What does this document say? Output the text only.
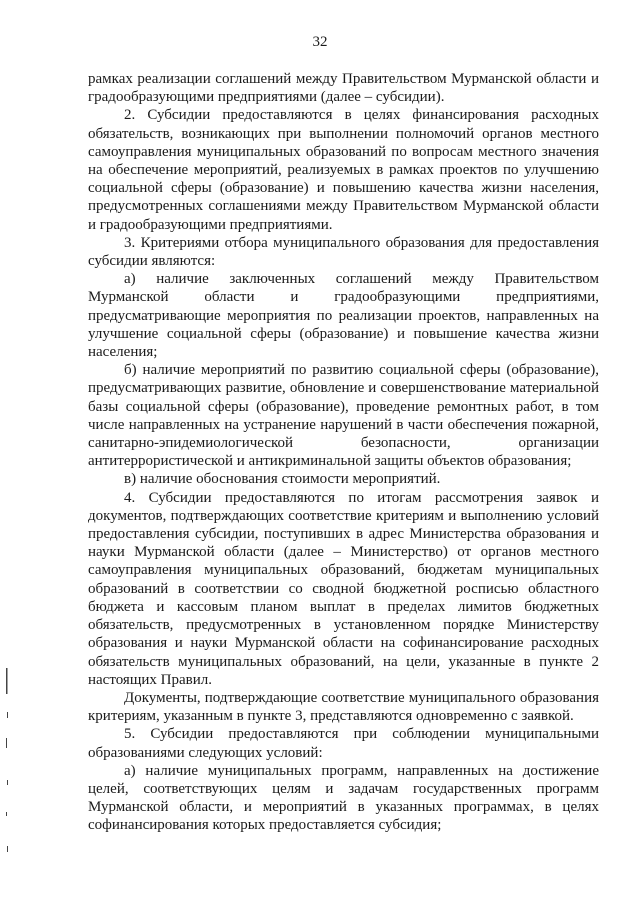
32

рамках реализации соглашений между Правительством Мурманской области и градообразующими предприятиями (далее – субсидии).

2. Субсидии предоставляются в целях финансирования расходных обязательств, возникающих при выполнении полномочий органов местного самоуправления муниципальных образований по вопросам местного значения на обеспечение мероприятий, реализуемых в рамках проектов по улучшению социальной сферы (образование) и повышению качества жизни населения, предусмотренных соглашениями между Правительством Мурманской области и градообразующими предприятиями.

3. Критериями отбора муниципального образования для предоставления субсидии являются:

а) наличие заключенных соглашений между Правительством Мурманской области и градообразующими предприятиями, предусматривающие мероприятия по реализации проектов, направленных на улучшение социальной сферы (образование) и повышение качества жизни населения;

б) наличие мероприятий по развитию социальной сферы (образование), предусматривающих развитие, обновление и совершенствование материальной базы социальной сферы (образование), проведение ремонтных работ, в том числе направленных на устранение нарушений в части обеспечения пожарной, санитарно-эпидемиологической безопасности, организации антитеррористической и антикриминальной защиты объектов образования;

в) наличие обоснования стоимости мероприятий.

4. Субсидии предоставляются по итогам рассмотрения заявок и документов, подтверждающих соответствие критериям и выполнению условий предоставления субсидии, поступивших в адрес Министерства образования и науки Мурманской области (далее – Министерство) от органов местного самоуправления муниципальных образований, бюджетам муниципальных образований в соответствии со сводной бюджетной росписью областного бюджета и кассовым планом выплат в пределах лимитов бюджетных обязательств, предусмотренных в установленном порядке Министерству образования и науки Мурманской области на софинансирование расходных обязательств муниципальных образований, на цели, указанные в пункте 2 настоящих Правил.

Документы, подтверждающие соответствие муниципального образования критериям, указанным в пункте 3, представляются одновременно с заявкой.

5. Субсидии предоставляются при соблюдении муниципальными образованиями следующих условий:

а) наличие муниципальных программ, направленных на достижение целей, соответствующих целям и задачам государственных программ Мурманской области, и мероприятий в указанных программах, в целях софинансирования которых предоставляется субсидия;
